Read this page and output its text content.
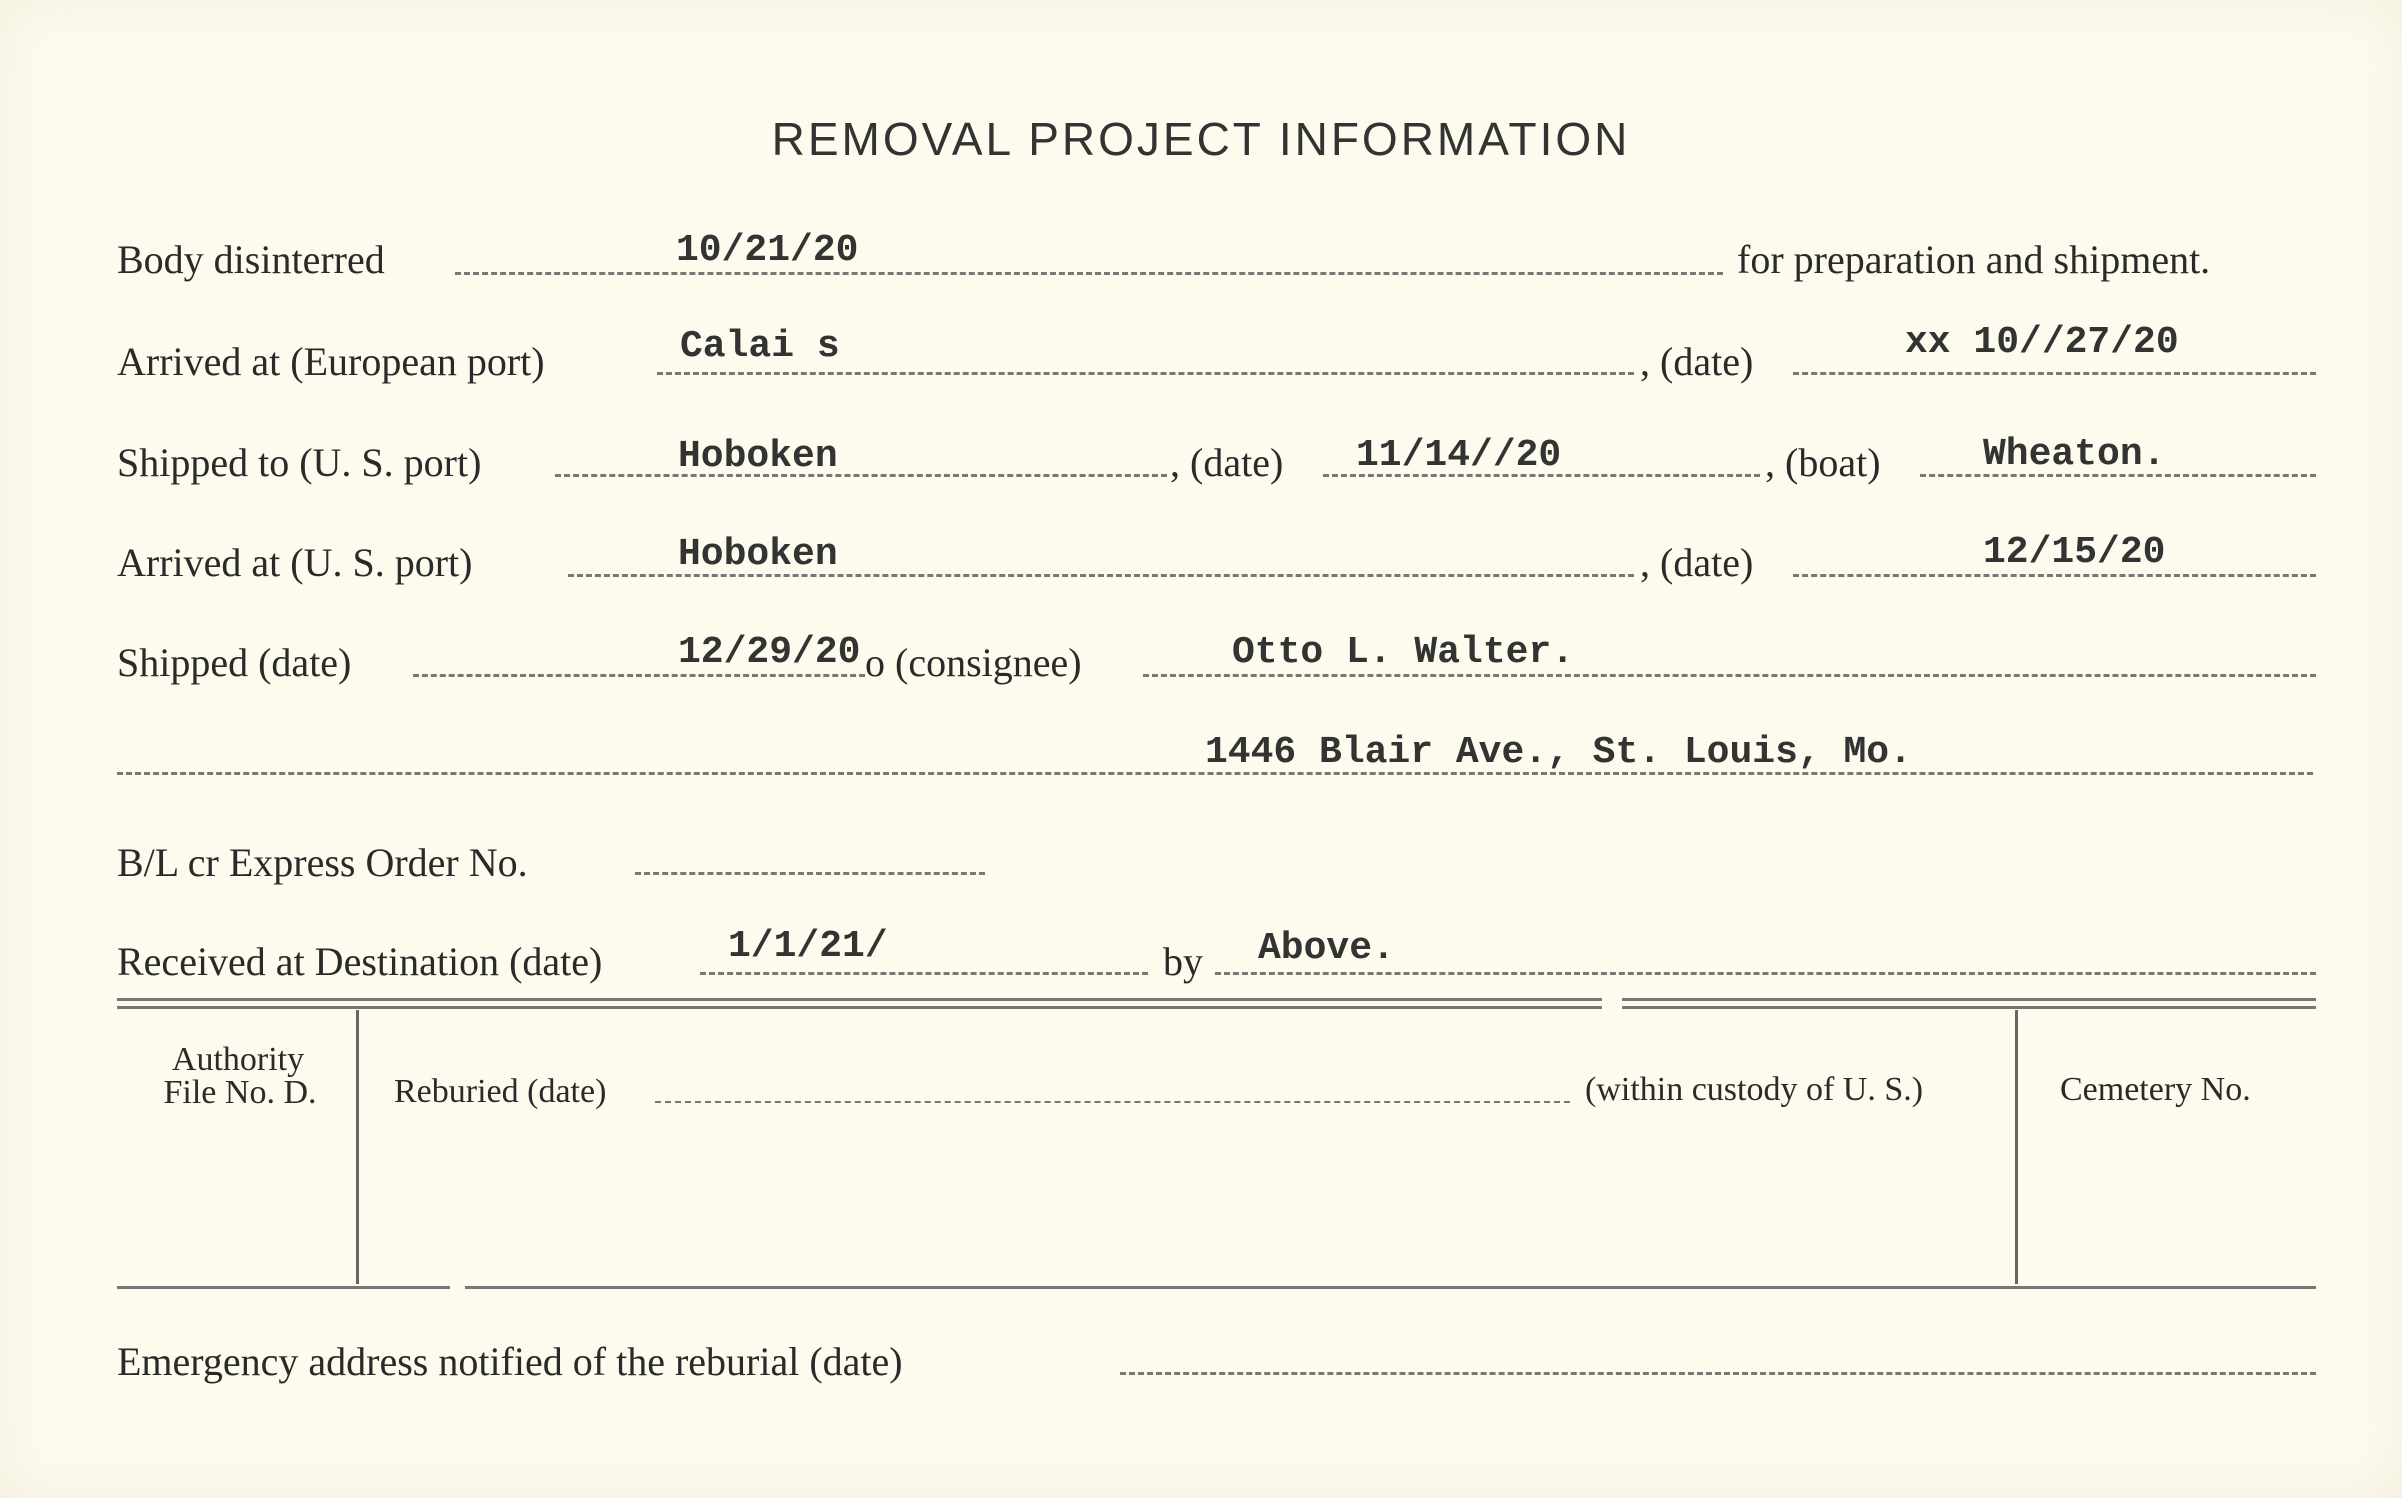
REMOVAL PROJECT INFORMATION
Body disinterred	10/21/20	for preparation and shipment.
Arrived at (European port)	Calai s	, (date)	xx 10//27/20
Shipped to (U. S. port)	Hoboken	, (date) 11/14//20	, (boat)	Wheaton.
Arrived at (U. S. port)	Hoboken	, (date)	12/15/20
Shipped (date)	12/29/20 o (consignee)	Otto L. Walter.
1446 Blair Ave., St. Louis, Mo.
B/L cr Express Order No.
Received at Destination (date)	1/1/21/	by Above.
Authority
File No. D.	Reburied (date)	(within custody of U. S.)	Cemetery No.
Emergency address notified of the reburial (date)
